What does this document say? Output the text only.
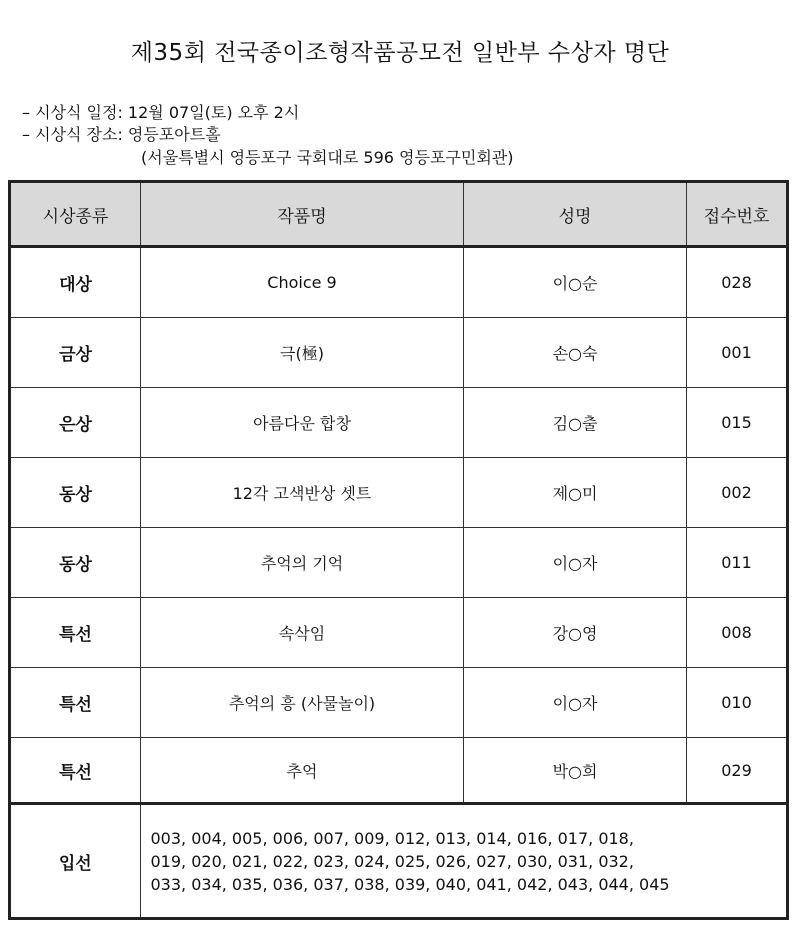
제35회 전국종이조형작품공모전 일반부 수상자 명단
– 시상식 일정: 12월 07일(토) 오후 2시
– 시상식 장소: 영등포아트홀
(서울특별시 영등포구 국회대로 596 영등포구민회관)
시상종류	작품명	성명	접수번호
대상	Choice 9	이○순	028
금상	극(極)	손○숙	001
은상	아름다운 합창	김○출	015
동상	12각 고색반상 셋트	제○미	002
동상	추억의 기억	이○자	011
특선	속삭임	강○영	008
특선	추억의 흥 (사물놀이)	이○자	010
특선	추억	박○희	029
입선
003, 004, 005, 006, 007, 009, 012, 013, 014, 016, 017, 018, 019, 020, 021, 022, 023, 024, 025, 026, 027, 030, 031, 032, 033, 034, 035, 036, 037, 038, 039, 040, 041, 042, 043, 044, 045
